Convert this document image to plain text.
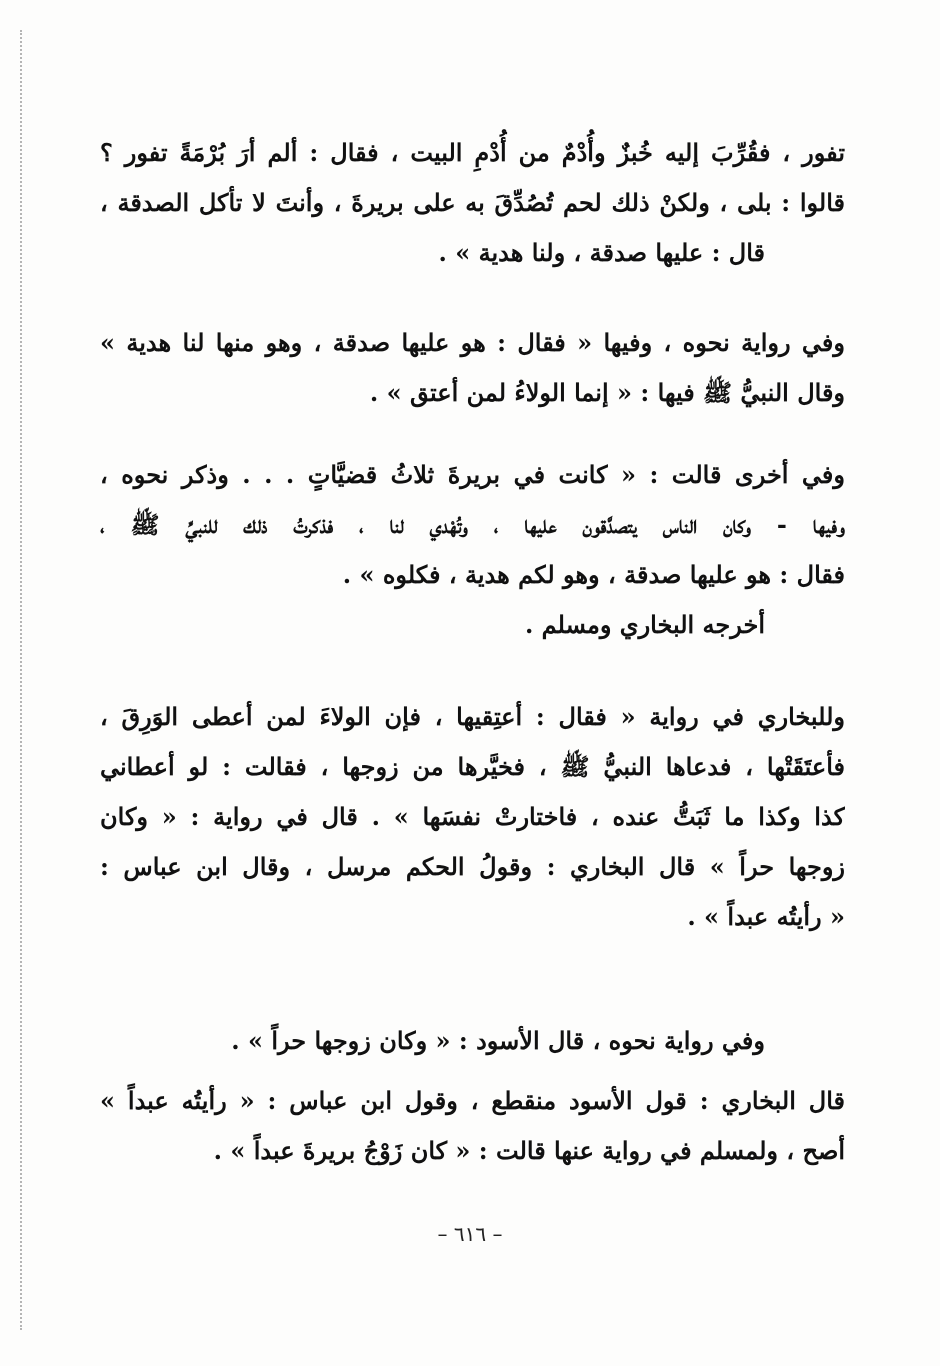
تفور ، فقُرِّبَ إليه خُبزٌ وأُدْمٌ من أُدْمِ البيت ، فقال : ألم أرَ بُرْمَةً تفور ؟
قالوا : بلى ، ولكنْ ذلك لحم تُصُدِّقَ به على بريرةَ ، وأنتَ لا تأكل الصدقة ،
قال : عليها صدقة ، ولنا هدية » .
وفي رواية نحوه ، وفيها « فقال : هو عليها صدقة ، وهو منها لنا هدية »
وقال النبيُّ ﷺ فيها : « إنما الولاءُ لمن أعتق » .
وفي أخرى قالت : « كانت في بريرةَ ثلاثُ قضيَّاتٍ . . . وذكر نحوه ،
وفيها - وكان الناس يتصدَّقون عليها ، وتُهْدي لنا ، فذكرتُ ذلك للنبيِّ ﷺ ،
فقال : هو عليها صدقة ، وهو لكم هدية ، فكلوه » .
أخرجه البخاري ومسلم .
وللبخاري في رواية « فقال : أعتِقيها ، فإن الولاءَ لمن أعطى الوَرِقَ ،
فأعتَقَتْها ، فدعاها النبيُّ ﷺ ، فخيَّرها من زوجها ، فقالت : لو أعطاني
كذا وكذا ما ثَبَتُّ عنده ، فاختارتْ نفسَها » . قال في رواية : « وكان
زوجها حراً » قال البخاري : وقولُ الحكم مرسل ، وقال ابن عباس :
« رأيتُه عبداً » .
وفي رواية نحوه ، قال الأسود : « وكان زوجها حراً » .
قال البخاري : قول الأسود منقطع ، وقول ابن عباس : « رأيتُه عبداً »
أصح ، ولمسلم في رواية عنها قالت : « كان زَوْجُ بريرةَ عبداً » .
– ٦١٦ –
